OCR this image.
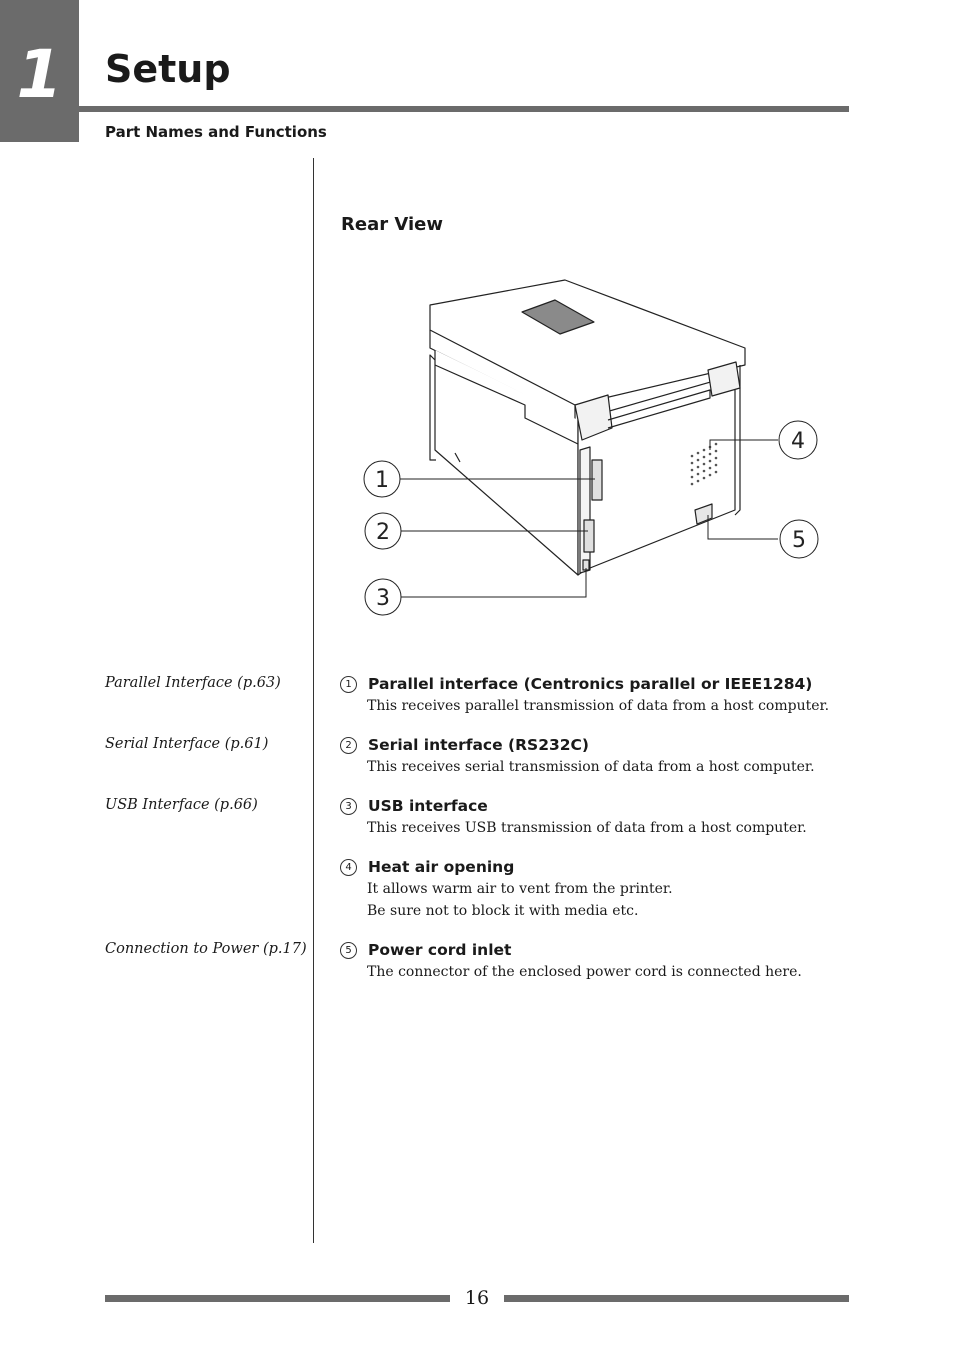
1	Setup
Part Names and Functions
Rear View
1
2
3
4
5
Parallel Interface (p.63)
Serial Interface (p.61)
USB Interface (p.66)
Connection to Power (p.17)
1	Parallel interface (Centronics parallel or IEEE1284)
This receives parallel transmission of data from a host computer.
2	Serial interface (RS232C)
This receives serial transmission of data from a host computer.
3	USB interface
This receives USB transmission of data from a host computer.
4	Heat air opening
It allows warm air to vent from the printer.
Be sure not to block it with media etc.
5	Power cord inlet
The connector of the enclosed power cord is connected here.
16
